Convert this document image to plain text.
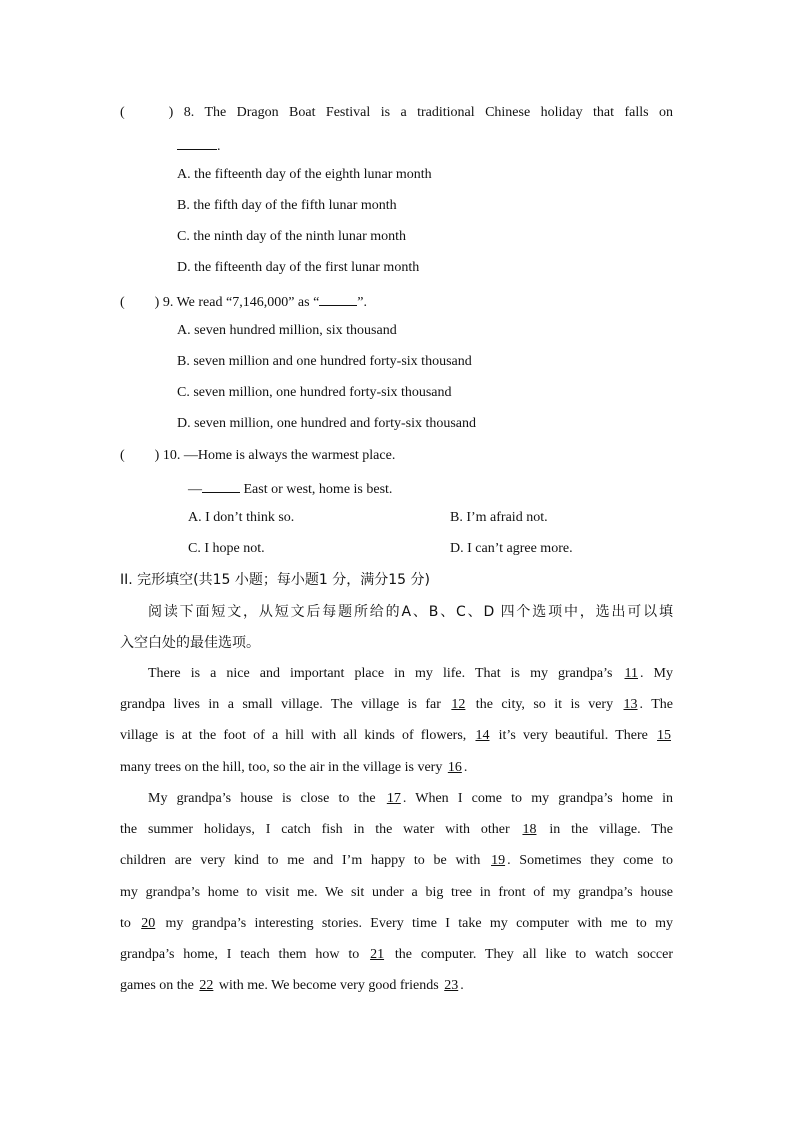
(	) 8. The Dragon Boat Festival is a traditional Chinese holiday that falls on
.
A. the fifteenth day of the eighth lunar month
B. the fifth day of the fifth lunar month
C. the ninth day of the ninth lunar month
D. the fifteenth day of the first lunar month
( ) 9. We read “7,146,000” as “	”.
A. seven hundred million, six thousand
B. seven million and one hundred forty-six thousand
C. seven million, one hundred forty-six thousand
D. seven million, one hundred and forty-six thousand
( ) 10. —Home is always the warmest place.
—	East or west, home is best.
A. I don’t think so.	B. I’m afraid not.
C. I hope not.	D. I can’t agree more.
II. 完形填空(共15 小题；每小题1 分，满分15 分)
阅读下面短文，从短文后每题所给的A、B、C、D 四个选项中，选出可以填
入空白处的最佳选项。
There is a nice and important place in my life. That is my grandpa’s 11 . My
grandpa lives in a small village. The village is far 12 the city, so it is very 13 . The
village is at the foot of a hill with all kinds of flowers, 14 it’s very beautiful. There 15
many trees on the hill, too, so the air in the village is very 16 .
My grandpa’s house is close to the 17 . When I come to my grandpa’s home in
the summer holidays, I catch fish in the water with other 18 in the village. The
children are very kind to me and I’m happy to be with 19 . Sometimes they come to
my grandpa’s home to visit me. We sit under a big tree in front of my grandpa’s house
to 20 my grandpa’s interesting stories. Every time I take my computer with me to my
grandpa’s home, I teach them how to 21 the computer. They all like to watch soccer
games on the 22 with me. We become very good friends 23 .
